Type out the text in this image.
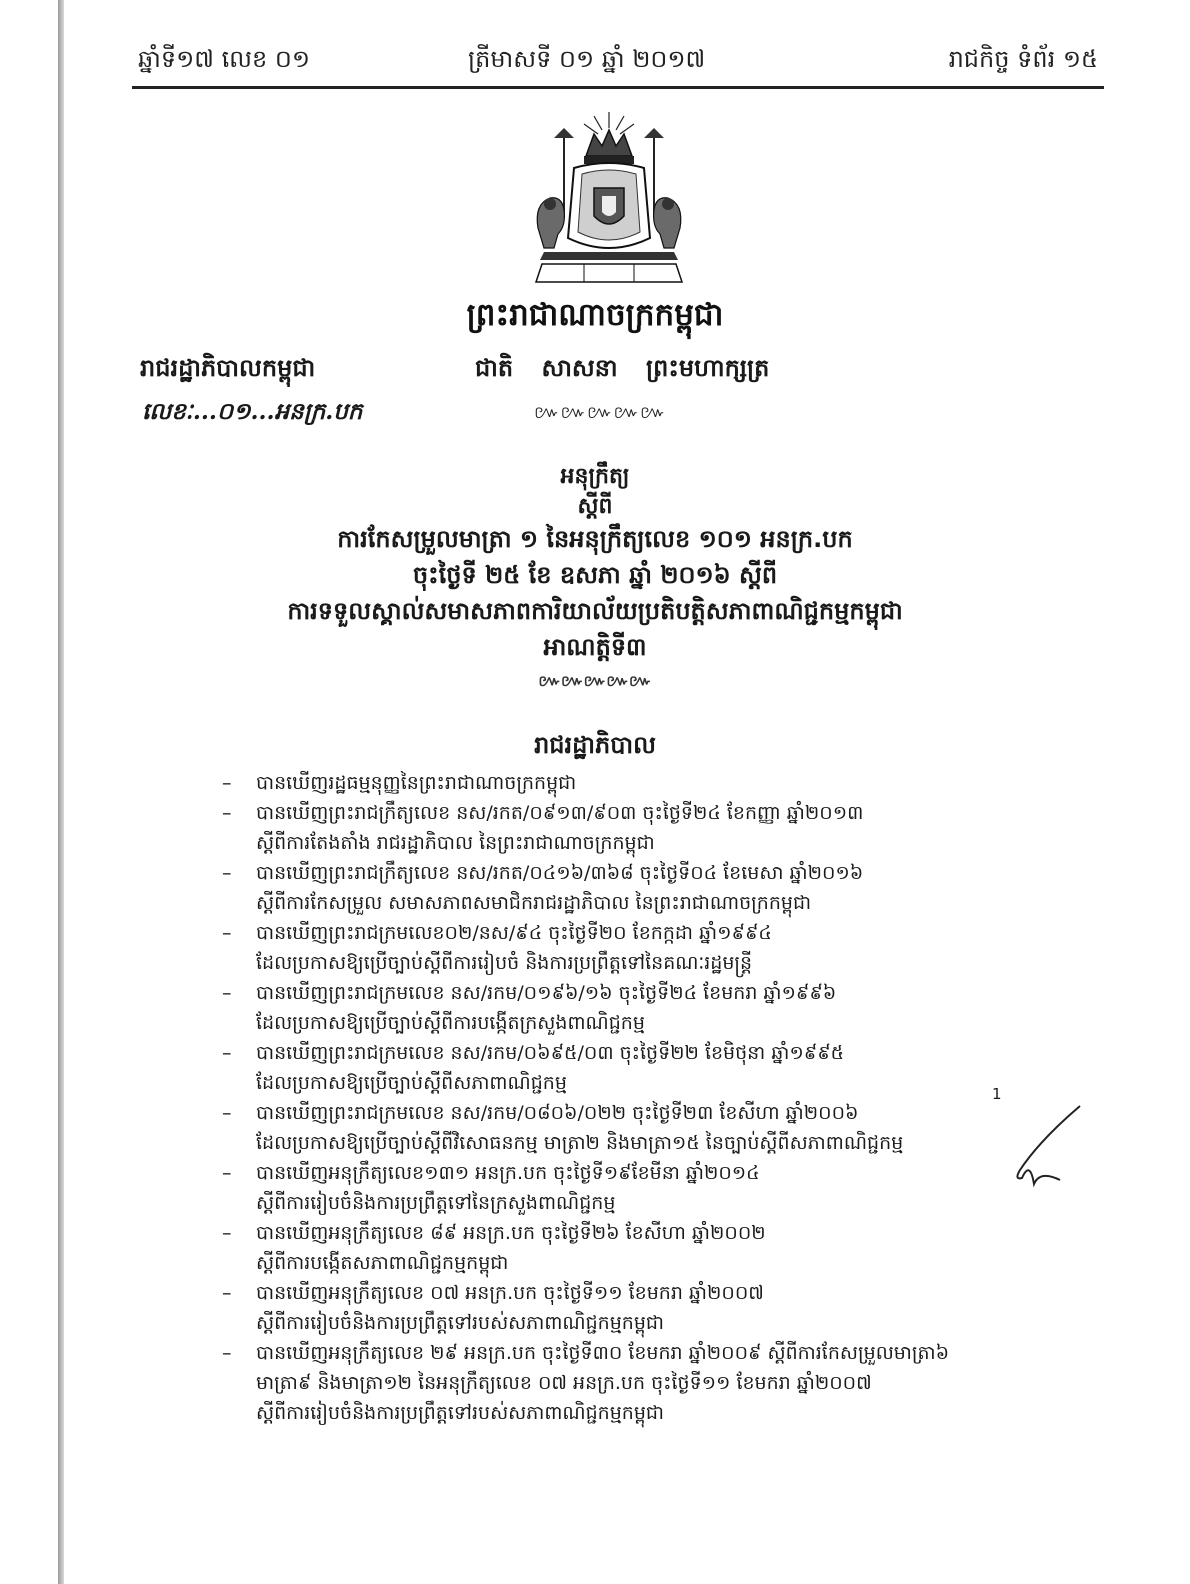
ឆ្នាំទី១៧ លេខ ០១	ត្រីមាសទី ០១ ឆ្នាំ ២០១៧	រាជកិច្ច ទំព័រ ១៥
ព្រះរាជាណាចក្រកម្ពុជា
រាជរដ្ឋាភិបាលកម្ពុជា	ជាតិ សាសនា ព្រះមហាក្សត្រ
លេខៈ...០១...អនក្រ.បក	៚៚៚៚៚
អនុក្រឹត្យ
ស្តីពី
ការកែសម្រួលមាត្រា ១ នៃអនុក្រឹត្យលេខ ១០១ អនក្រ.បក
ចុះថ្ងៃទី ២៥ ខែ ឧសភា ឆ្នាំ ២០១៦ ស្តីពី
ការទទួលស្គាល់សមាសភាពការិយាល័យប្រតិបត្តិសភាពាណិជ្ជកម្មកម្ពុជា
អាណត្តិទី៣
៚៚៚៚៚
រាជរដ្ឋាភិបាល
– បានឃើញរដ្ឋធម្មនុញ្ញនៃព្រះរាជាណាចក្រកម្ពុជា
– បានឃើញព្រះរាជក្រឹត្យលេខ នស/រកត/០៩១៣/៩០៣ ចុះថ្ងៃទី២៤ ខែកញ្ញា ឆ្នាំ២០១៣
ស្តីពីការតែងតាំង រាជរដ្ឋាភិបាល នៃព្រះរាជាណាចក្រកម្ពុជា
– បានឃើញព្រះរាជក្រឹត្យលេខ នស/រកត/០៤១៦/៣៦៨ ចុះថ្ងៃទី០៤ ខែមេសា ឆ្នាំ២០១៦
ស្តីពីការកែសម្រួល សមាសភាពសមាជិករាជរដ្ឋាភិបាល នៃព្រះរាជាណាចក្រកម្ពុជា
– បានឃើញព្រះរាជក្រមលេខ០២/នស/៩៤ ចុះថ្ងៃទី២០ ខែកក្កដា ឆ្នាំ១៩៩៤
ដែលប្រកាសឱ្យប្រើច្បាប់ស្តីពីការរៀបចំ និងការប្រព្រឹត្តទៅនៃគណៈរដ្ឋមន្ត្រី
– បានឃើញព្រះរាជក្រមលេខ នស/រកម/០១៩៦/១៦ ចុះថ្ងៃទី២៤ ខែមករា ឆ្នាំ១៩៩៦
ដែលប្រកាសឱ្យប្រើច្បាប់ស្តីពីការបង្កើតក្រសួងពាណិជ្ជកម្ម
– បានឃើញព្រះរាជក្រមលេខ នស/រកម/០៦៩៥/០៣ ចុះថ្ងៃទី២២ ខែមិថុនា ឆ្នាំ១៩៩៥
ដែលប្រកាសឱ្យប្រើច្បាប់ស្តីពីសភាពាណិជ្ជកម្ម
– បានឃើញព្រះរាជក្រមលេខ នស/រកម/០៨០៦/០២២ ចុះថ្ងៃទី២៣ ខែសីហា ឆ្នាំ២០០៦
ដែលប្រកាសឱ្យប្រើច្បាប់ស្តីពីវិសោធនកម្ម មាត្រា២ និងមាត្រា១៥ នៃច្បាប់ស្តីពីសភាពាណិជ្ជកម្ម
– បានឃើញអនុក្រឹត្យលេខ១៣១ អនក្រ.បក ចុះថ្ងៃទី១៩ខែមីនា ឆ្នាំ២០១៤
ស្តីពីការរៀបចំនិងការប្រព្រឹត្តទៅនៃក្រសួងពាណិជ្ជកម្ម
– បានឃើញអនុក្រឹត្យលេខ ៨៩ អនក្រ.បក ចុះថ្ងៃទី២៦ ខែសីហា ឆ្នាំ២០០២
ស្តីពីការបង្កើតសភាពាណិជ្ជកម្មកម្ពុជា
– បានឃើញអនុក្រឹត្យលេខ ០៧ អនក្រ.បក ចុះថ្ងៃទី១១ ខែមករា ឆ្នាំ២០០៧
ស្តីពីការរៀបចំនិងការប្រព្រឹត្តទៅរបស់សភាពាណិជ្ជកម្មកម្ពុជា
– បានឃើញអនុក្រឹត្យលេខ ២៩ អនក្រ.បក ចុះថ្ងៃទី៣០ ខែមករា ឆ្នាំ២០០៩ ស្តីពីការកែសម្រួលមាត្រា៦
មាត្រា៩ និងមាត្រា១២ នៃអនុក្រឹត្យលេខ ០៧ អនក្រ.បក ចុះថ្ងៃទី១១ ខែមករា ឆ្នាំ២០០៧
ស្តីពីការរៀបចំនិងការប្រព្រឹត្តទៅរបស់សភាពាណិជ្ជកម្មកម្ពុជា
1
